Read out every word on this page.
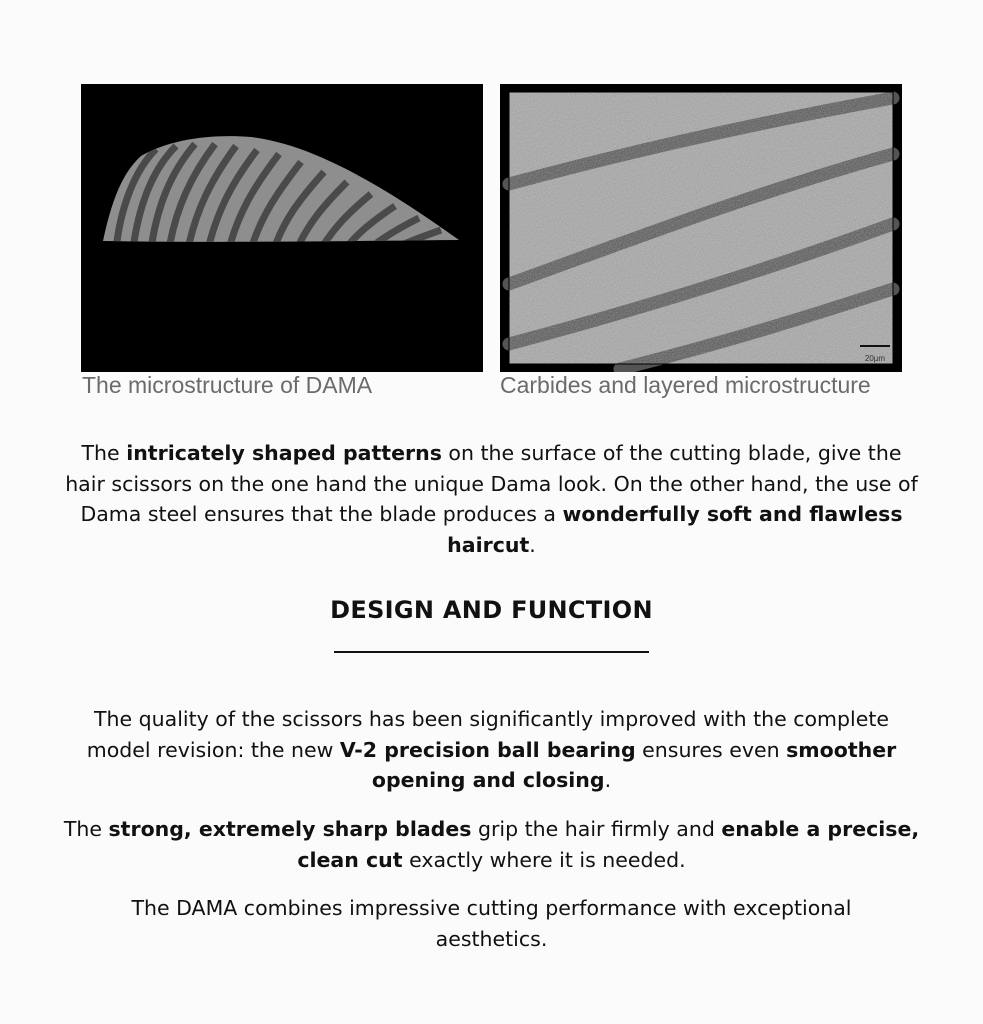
20µm
The microstructure of DAMA	Carbides and layered microstructure

The intricately shaped patterns on the surface of the cutting blade, give the hair scissors on the one hand the unique Dama look. On the other hand, the use of Dama steel ensures that the blade produces a wonderfully soft and flawless haircut.

DESIGN AND FUNCTION

The quality of the scissors has been significantly improved with the complete model revision: the new V-2 precision ball bearing ensures even smoother opening and closing.

The strong, extremely sharp blades grip the hair firmly and enable a precise, clean cut exactly where it is needed.

The DAMA combines impressive cutting performance with exceptional aesthetics.
